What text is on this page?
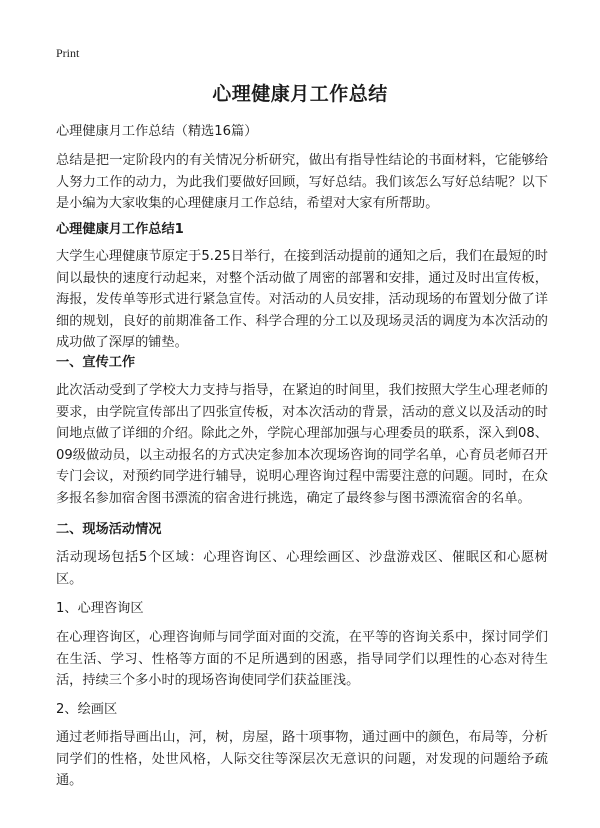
Print
心理健康月工作总结
心理健康月工作总结（精选16篇）
总结是把一定阶段内的有关情况分析研究，做出有指导性结论的书面材料，它能够给人努力工作的动力，为此我们要做好回顾，写好总结。我们该怎么写好总结呢？以下是小编为大家收集的心理健康月工作总结，希望对大家有所帮助。
心理健康月工作总结1
大学生心理健康节原定于5.25日举行，在接到活动提前的通知之后，我们在最短的时间以最快的速度行动起来，对整个活动做了周密的部署和安排，通过及时出宣传板，海报，发传单等形式进行紧急宣传。对活动的人员安排，活动现场的布置划分做了详细的规划，良好的前期准备工作、科学合理的分工以及现场灵活的调度为本次活动的成功做了深厚的铺垫。
一、宣传工作
此次活动受到了学校大力支持与指导，在紧迫的时间里，我们按照大学生心理老师的要求，由学院宣传部出了四张宣传板，对本次活动的背景，活动的意义以及活动的时间地点做了详细的介绍。除此之外，学院心理部加强与心理委员的联系，深入到08、09级做动员，以主动报名的方式决定参加本次现场咨询的同学名单，心育员老师召开专门会议，对预约同学进行辅导，说明心理咨询过程中需要注意的问题。同时，在众多报名参加宿舍图书漂流的宿舍进行挑选，确定了最终参与图书漂流宿舍的名单。
二、现场活动情况
活动现场包括5个区域：心理咨询区、心理绘画区、沙盘游戏区、催眠区和心愿树区。
1、心理咨询区
在心理咨询区，心理咨询师与同学面对面的交流，在平等的咨询关系中，探讨同学们在生活、学习、性格等方面的不足所遇到的困惑，指导同学们以理性的心态对待生活，持续三个多小时的现场咨询使同学们获益匪浅。
2、绘画区
通过老师指导画出山，河，树，房屋，路十项事物，通过画中的颜色，布局等，分析同学们的性格，处世风格，人际交往等深层次无意识的问题，对发现的问题给予疏通。
